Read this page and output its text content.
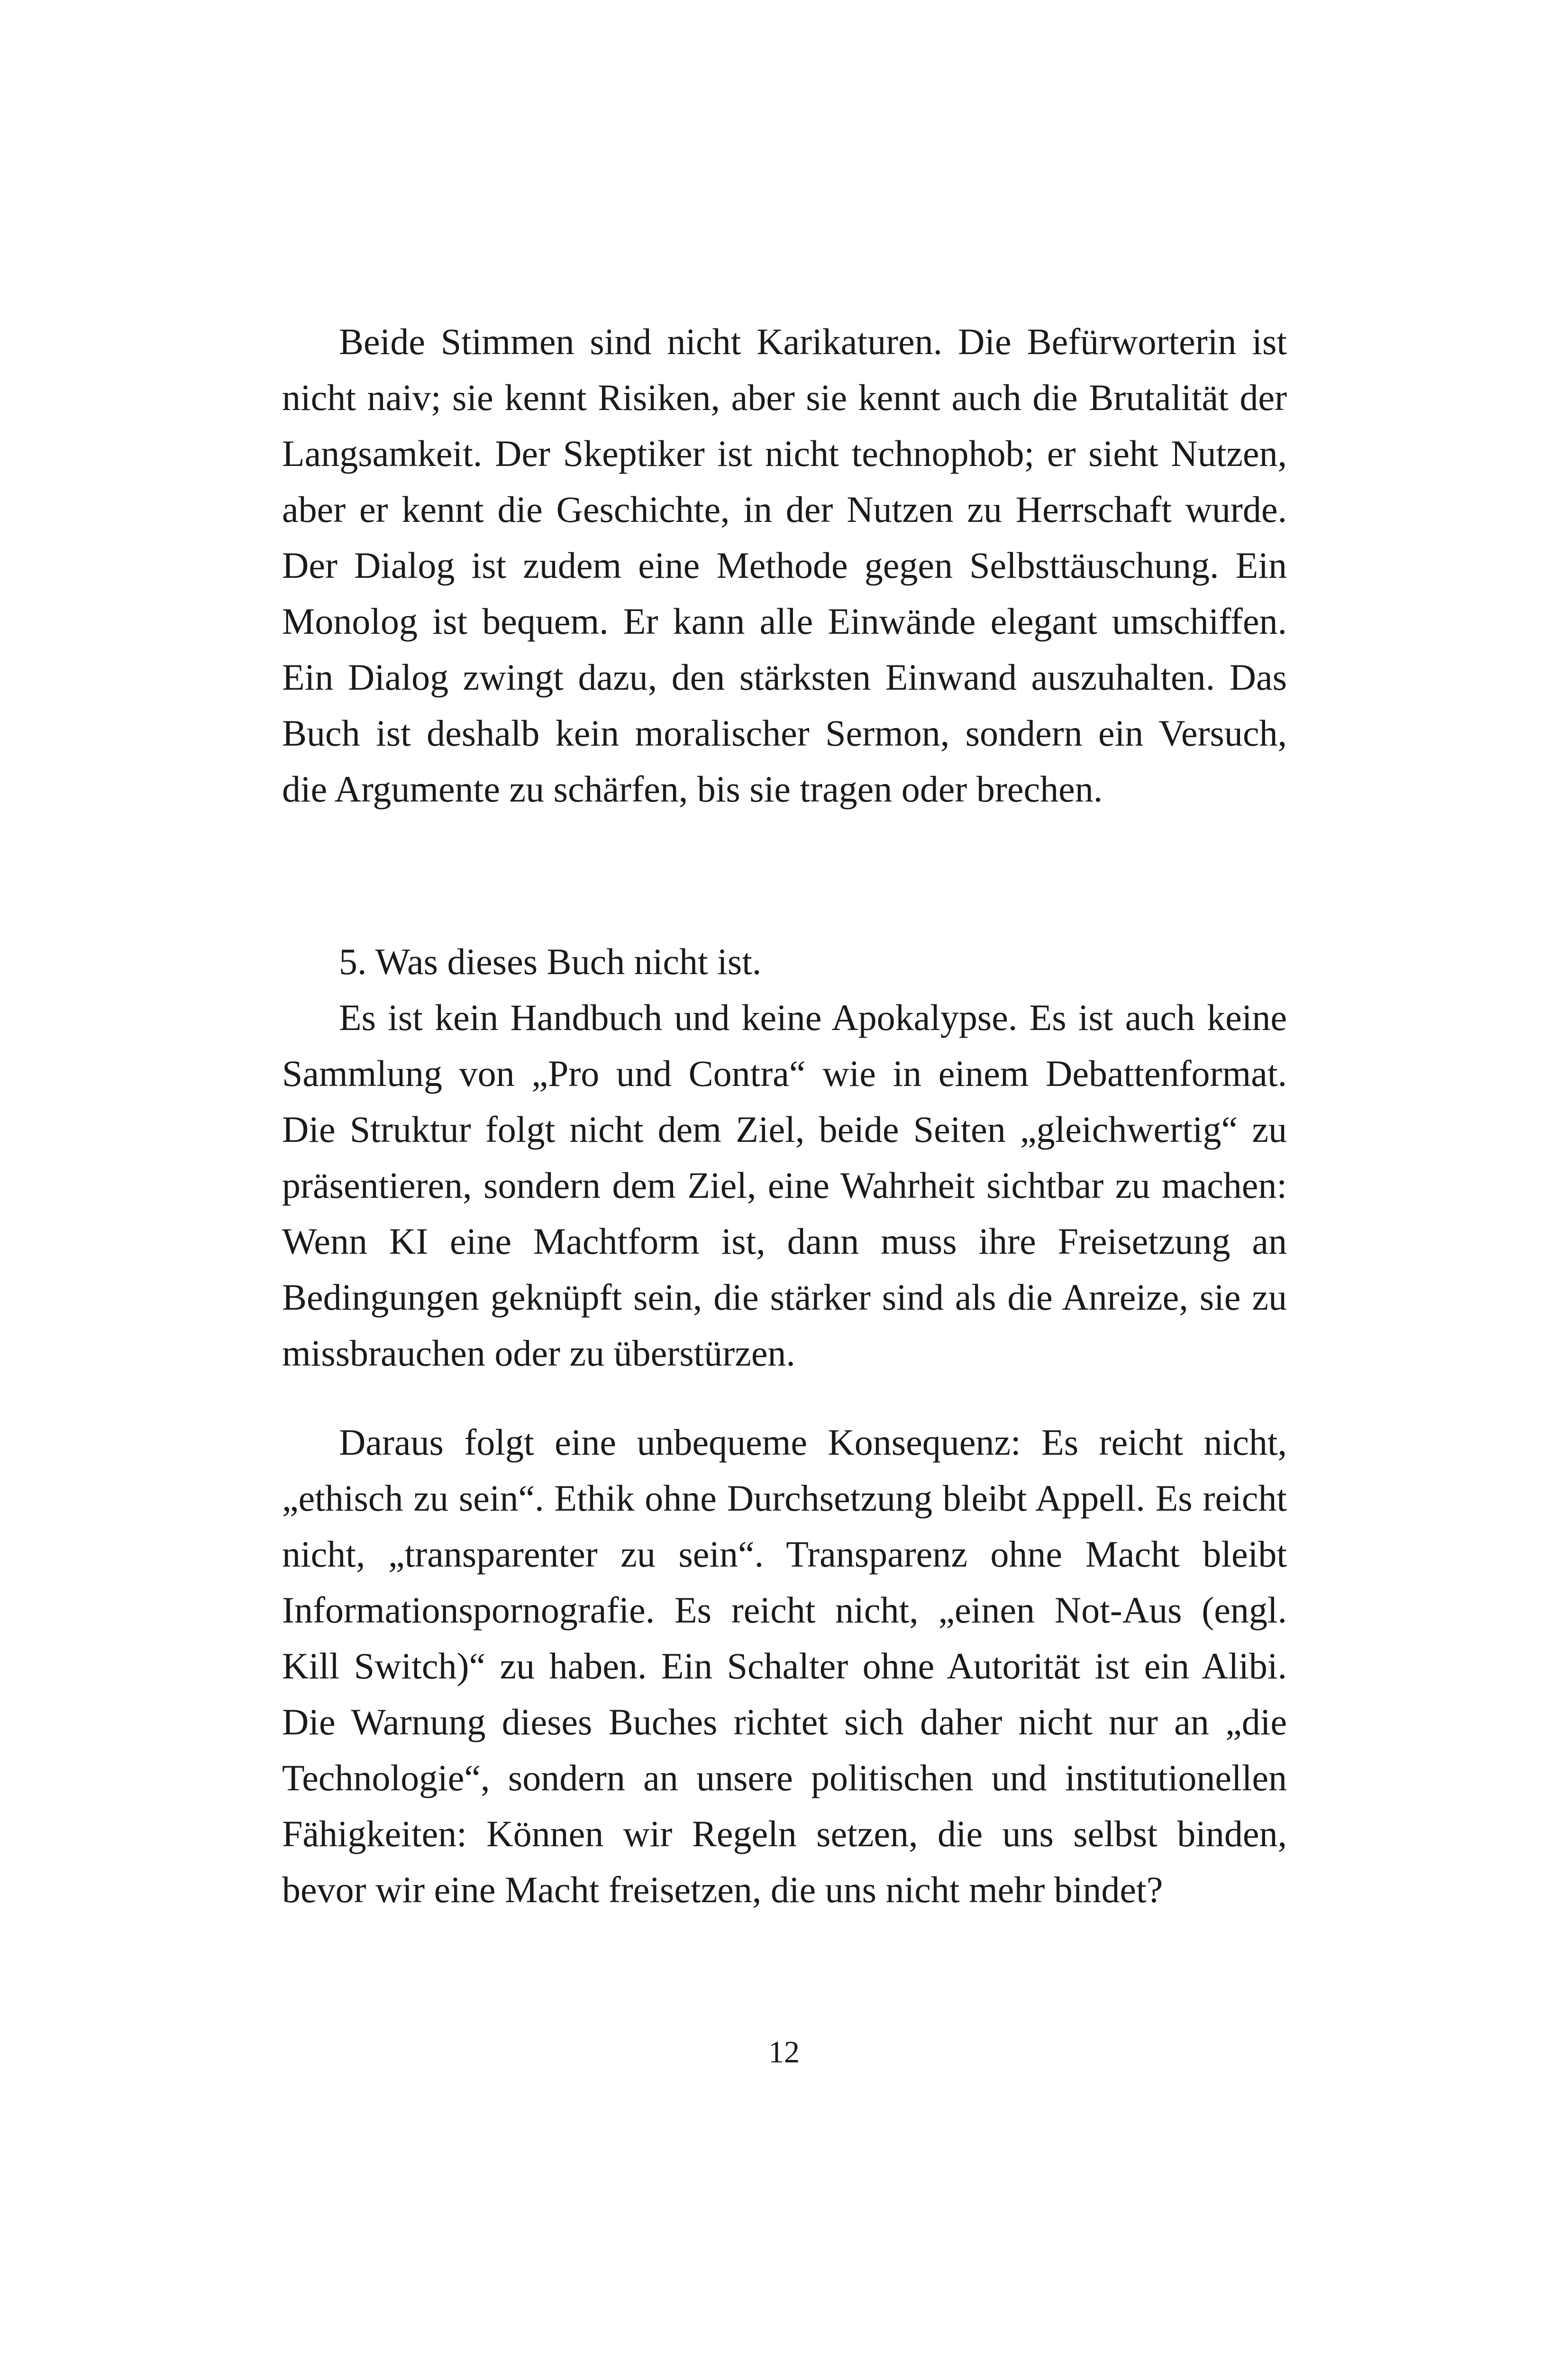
Beide Stimmen sind nicht Karikaturen. Die Befürworterin ist nicht naiv; sie kennt Risiken, aber sie kennt auch die Brutalität der Langsamkeit. Der Skeptiker ist nicht technophob; er sieht Nutzen, aber er kennt die Geschichte, in der Nutzen zu Herrschaft wurde. Der Dialog ist zudem eine Methode gegen Selbsttäuschung. Ein Monolog ist bequem. Er kann alle Einwände elegant umschiffen. Ein Dialog zwingt dazu, den stärksten Einwand auszuhalten. Das Buch ist deshalb kein moralischer Sermon, sondern ein Versuch, die Argumente zu schärfen, bis sie tragen oder brechen.

5. Was dieses Buch nicht ist.

Es ist kein Handbuch und keine Apokalypse. Es ist auch keine Sammlung von „Pro und Contra“ wie in einem Debattenformat. Die Struktur folgt nicht dem Ziel, beide Seiten „gleichwertig“ zu präsentieren, sondern dem Ziel, eine Wahrheit sichtbar zu machen: Wenn KI eine Machtform ist, dann muss ihre Freisetzung an Bedingungen geknüpft sein, die stärker sind als die Anreize, sie zu missbrauchen oder zu überstürzen.

Daraus folgt eine unbequeme Konsequenz: Es reicht nicht, „ethisch zu sein“. Ethik ohne Durchsetzung bleibt Appell. Es reicht nicht, „transparenter zu sein“. Transparenz ohne Macht bleibt Informationspornografie. Es reicht nicht, „einen Not-Aus (engl. Kill Switch)“ zu haben. Ein Schalter ohne Autorität ist ein Alibi. Die Warnung dieses Buches richtet sich daher nicht nur an „die Technologie“, sondern an unsere politischen und institutionellen Fähigkeiten: Können wir Regeln setzen, die uns selbst binden, bevor wir eine Macht freisetzen, die uns nicht mehr bindet?

12
